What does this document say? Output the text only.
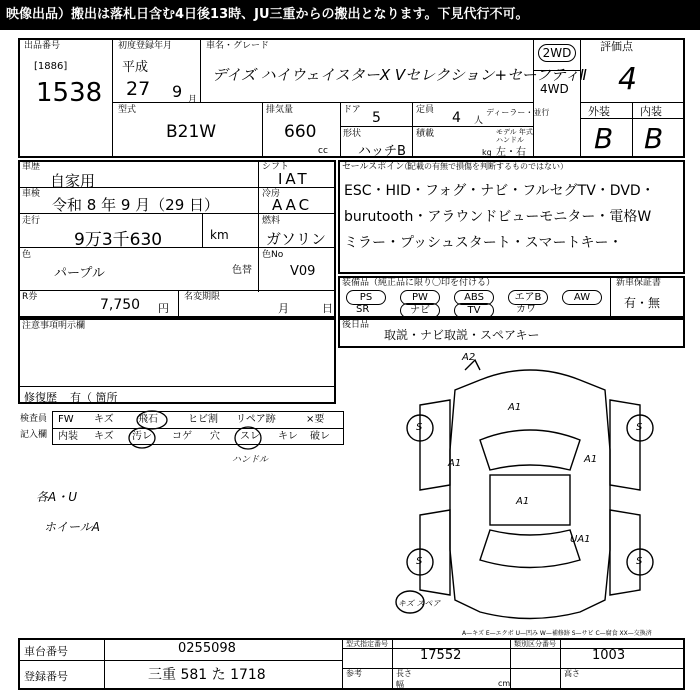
映像出品）搬出は落札日含む4日後13時、JU三重からの搬出となります。下見代行不可。
出品番号
[1886]
1538
初度登録年月
平成
27 9 月
車名・グレード
デイズ ハイウェイスターX Vセレクション+セーフティⅡ
2WD
4WD
評価点
4
型式
B21W
排気量
660
cc
ドア 5	定員 4 人
ディーラー・並行
形状
ハッチB
積載
kg
モデル 年式 ハンドル
左・右
外装	内装
B B
車歴
自家用
車検
令和 8 年 9 月（29 日）
走行
9万3千630	km
シフト
IAT
冷房
AAC
燃料
ガソリン
色
パープル	色替
色No
V09
R券	7,750 円
名変期限
月	日
注意事項明示欄
修復歴 有（ 箇所
セールスポイント
（記載の有無で損傷を判断するものではない）
ESC・HID・フォグ・ナビ・フルセグTV・DVD・
burutooth・アラウンドビューモニター・電格W
ミラー・プッシュスタート・スマートキー・
装備品（純正品に限り〇印を付ける）
PS	PW	ABS	エアB	AW
SR	ナビ	TV	カワ
新車保証書
有・無
後日品
取説・ナビ取説・スペアキー
検査員
記入欄
FW キズ 飛石	ヒビ割 リペア跡	×要
内装 キズ 汚レ コゲ 穴 スレ キレ 破レ
ハンドル
各A・U
ホイールA
A2
A1
A1	A1
A1
UA1
S	S
S	S
キズ スペア
A—キズ E—エクボ U—凹み W—補修跡 S—サビ C—腐食 XX—交換済
車台番号	0255098
登録番号	三重 581 た 1718
型式指定番号
17552
類別区分番号
1003
長さ
幅
高さ
参考
cm
